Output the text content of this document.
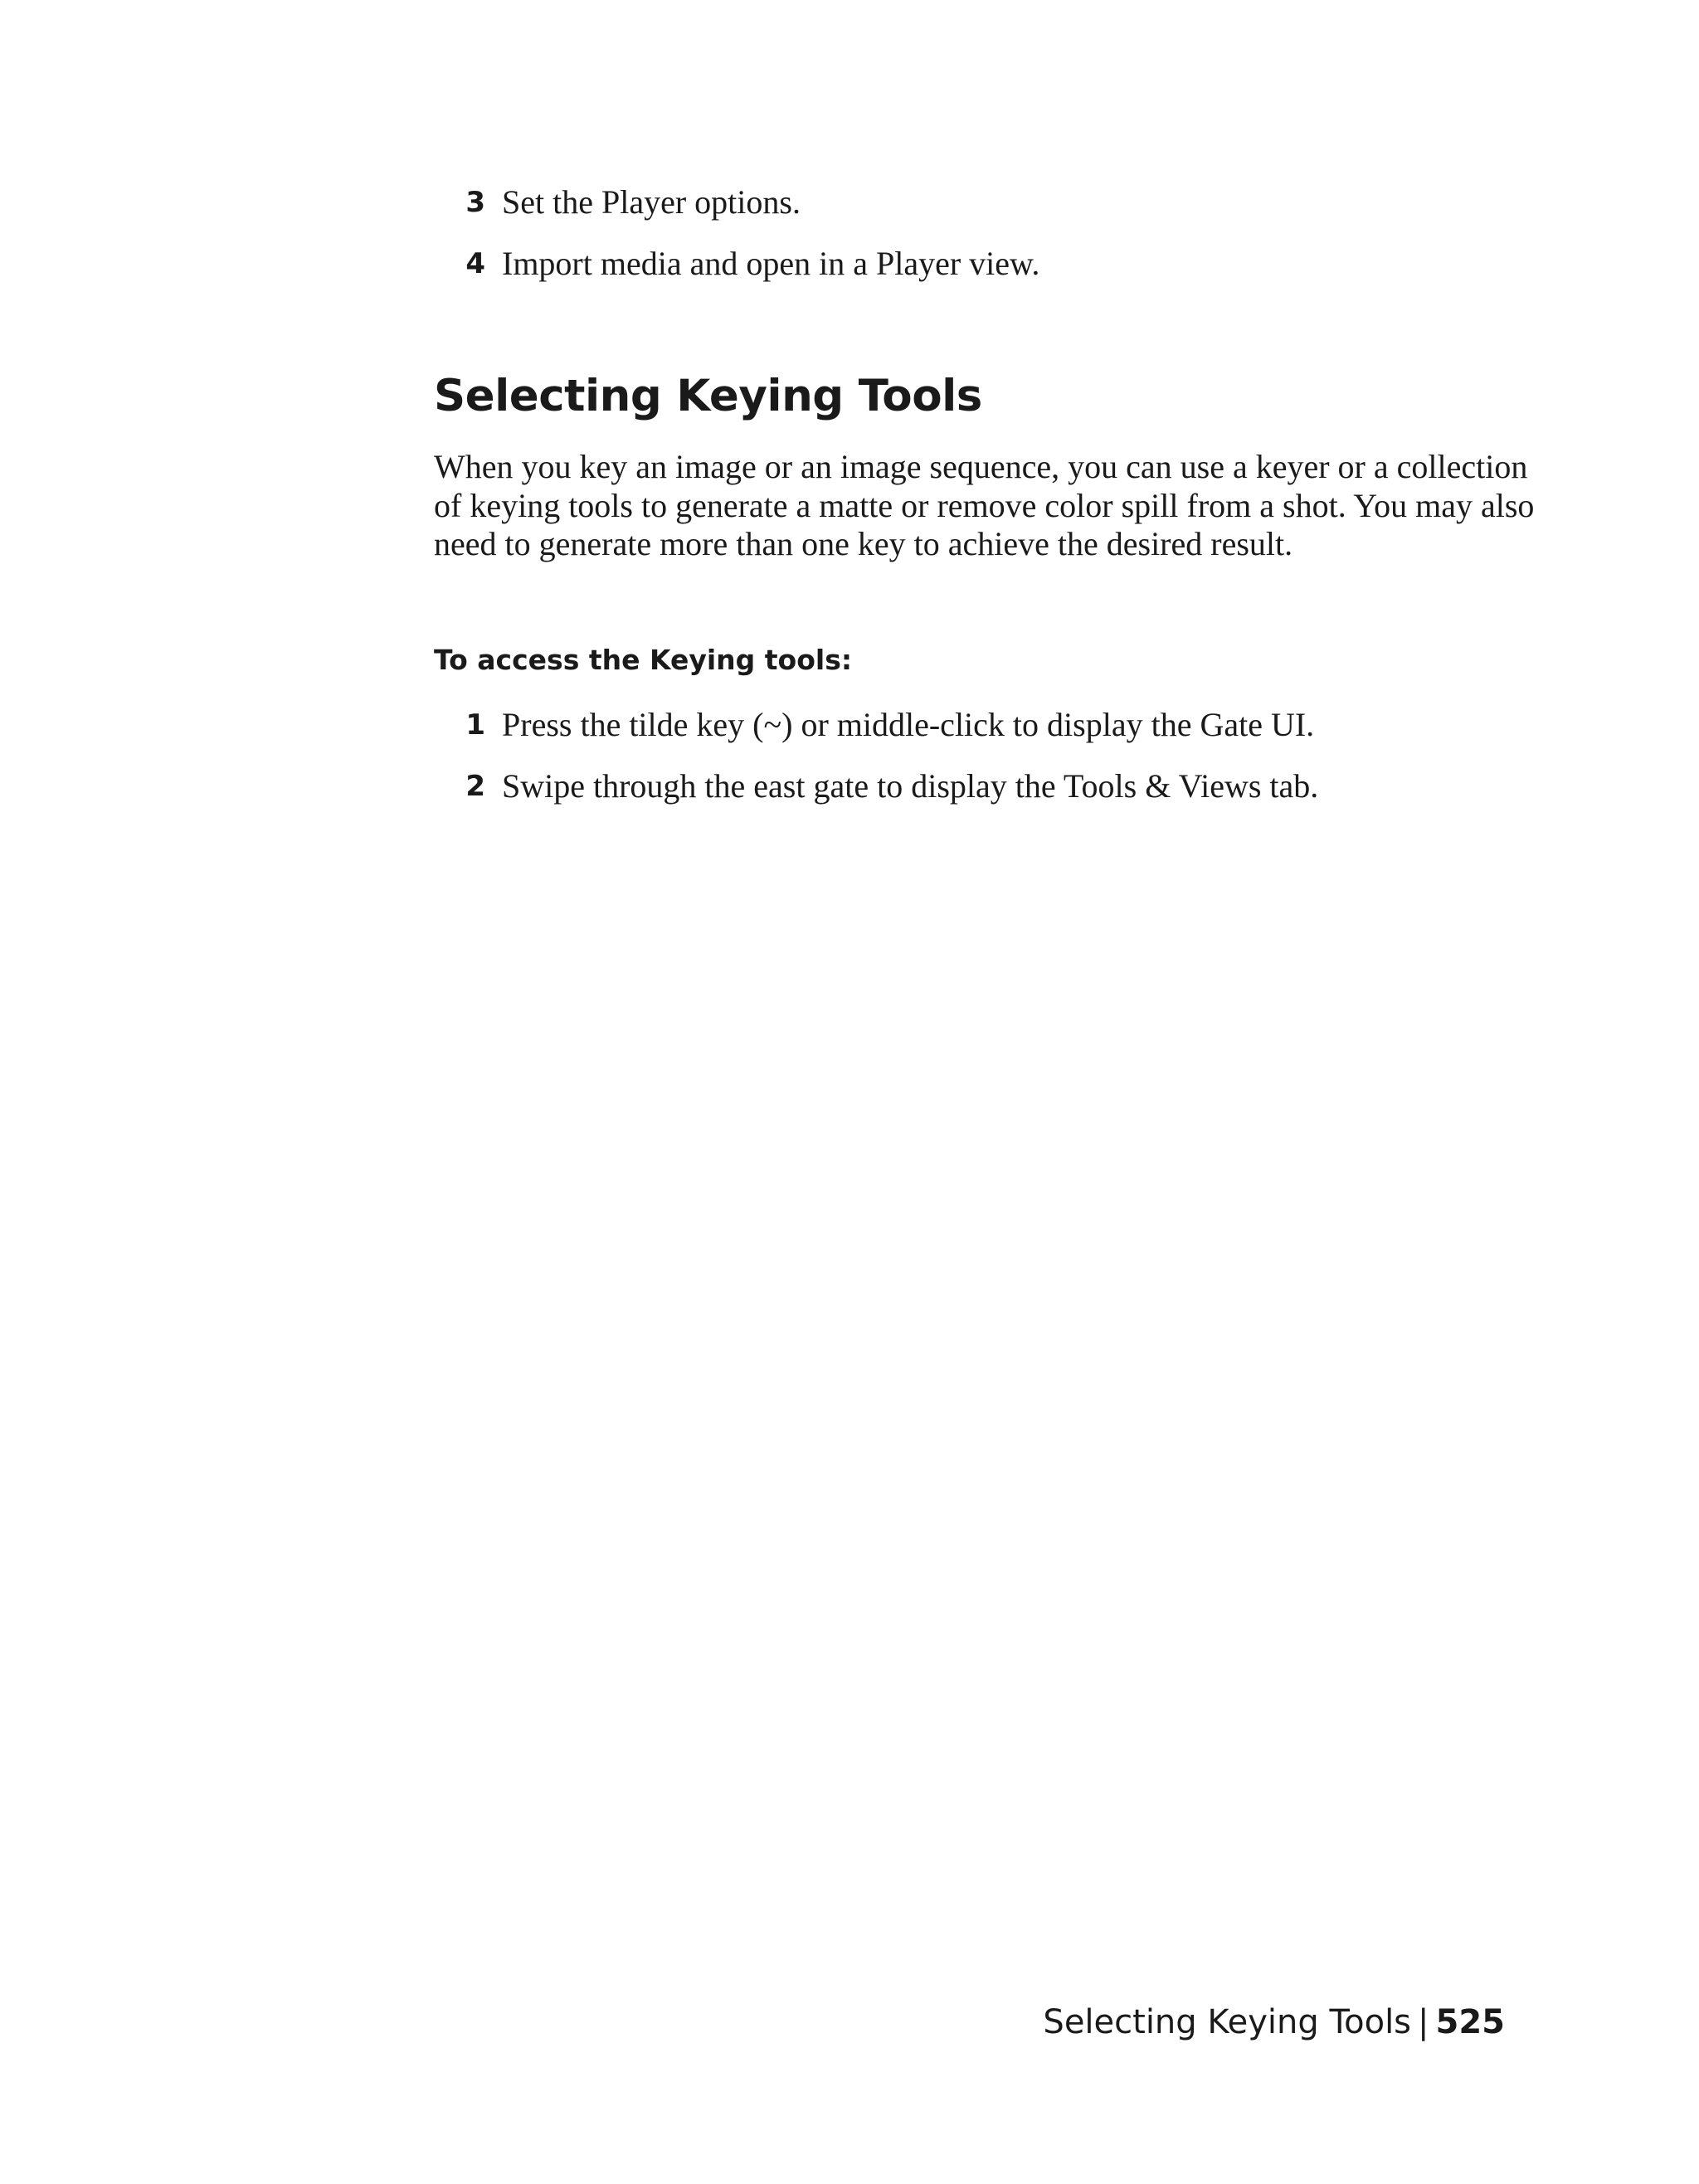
3 Set the Player options.
4 Import media and open in a Player view.
Selecting Keying Tools
When you key an image or an image sequence, you can use a keyer or a collection of keying tools to generate a matte or remove color spill from a shot. You may also need to generate more than one key to achieve the desired result.
To access the Keying tools:
1 Press the tilde key (~) or middle-click to display the Gate UI.
2 Swipe through the east gate to display the Tools & Views tab.
Selecting Keying Tools | 525
